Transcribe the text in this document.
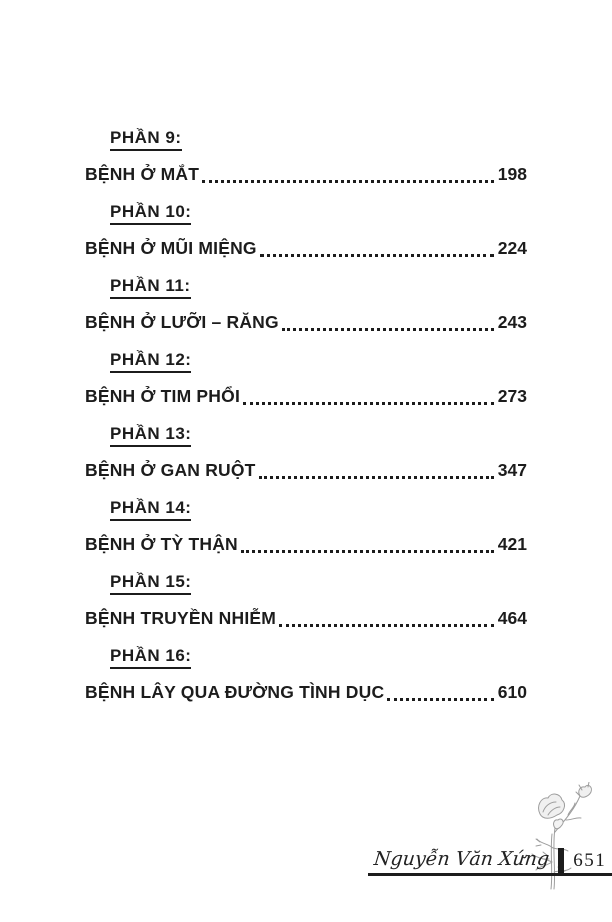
PHẦN 9:
BỆNH Ở MẮT	198
PHẦN 10:
BỆNH Ở MŨI MIỆNG	224
PHẦN 11:
BỆNH Ở LƯỠI – RĂNG	243
PHẦN 12:
BỆNH Ở TIM PHỔI	273
PHẦN 13:
BỆNH Ở GAN RUỘT	347
PHẦN 14:
BỆNH Ở TỲ THẬN	421
PHẦN 15:
BỆNH TRUYỀN NHIỄM	464
PHẦN 16:
BỆNH LÂY QUA ĐƯỜNG TÌNH DỤC	610
Nguyễn Văn Xứng	651
